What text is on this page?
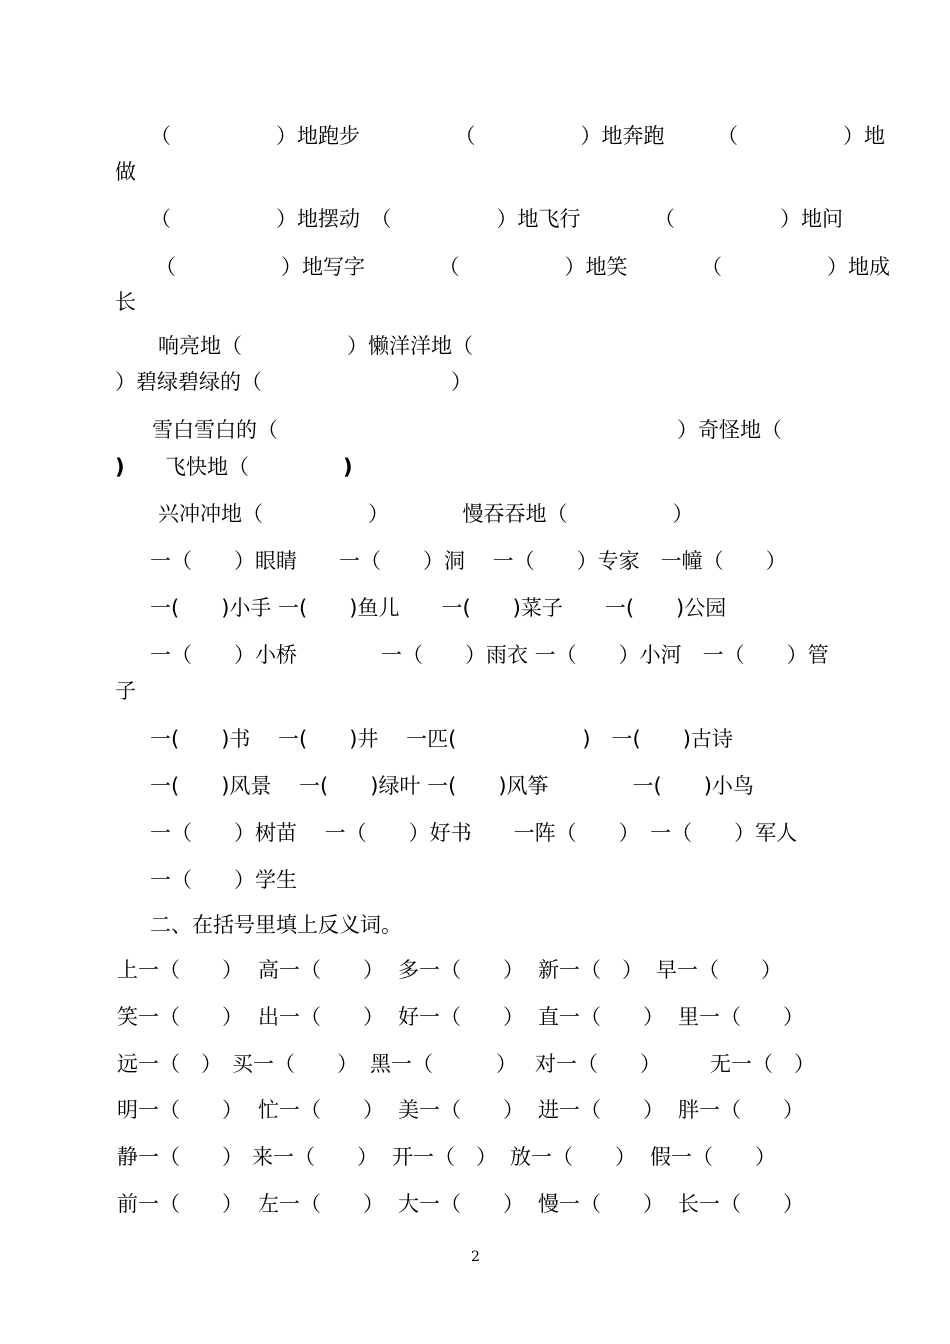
（　　　　　）地跑步　　　　　（　　　　　）地奔跑　　　（　　　　　）地
做
（　　　　　）地摆动　（　　　　　）地飞行　　　　（　　　　　）地问
（　　　　　）地写字　　　　（　　　　　）地笑　　　　（　　　　　）地成
长
响亮地（　　　　　）懒洋洋地（
）碧绿碧绿的（　　　　　　　　　）
雪白雪白的（　　　　　　　　　　　　　　　　　　　）奇怪地（
) 飞快地（	)
兴冲冲地（　　　　　）　　　　慢吞吞地（　　　　　）
一（　　）眼睛　　一（　　）洞　 一（　　）专家　一幢（　　）
一(　　)小手 一(　　)鱼儿　　一(　　)菜子　　一(　　)公园
一（　　）小桥　　　　一（　　）雨衣 一（　　）小河　一（　　）管
子
一(　　)书　 一(　　)井　 一匹(　　　　　　)　一(　　)古诗
一(　　)风景　 一(　　)绿叶 一(　　)风筝　　　　一(　　)小鸟
一（　　）树苗　 一（　　）好书　　一阵（　　）　一（　　）军人
一（　　）学生
二、在括号里填上反义词。
上一（　　） 高一（　　） 多一（　　） 新一（　） 早一（　　）
笑一（　　） 出一（　　） 好一（　　） 直一（　　） 里一（　　）
远一（　） 买一（　　） 黑一（　　　） 对一（　　） 无一（　）
明一（　　） 忙一（　　） 美一（　　） 进一（　　） 胖一（　　）
静一（　　） 来一（　　） 开一（　） 放一（　　） 假一（　　）
前一（　　） 左一（　　） 大一（　　） 慢一（　　） 长一（　　）
2
